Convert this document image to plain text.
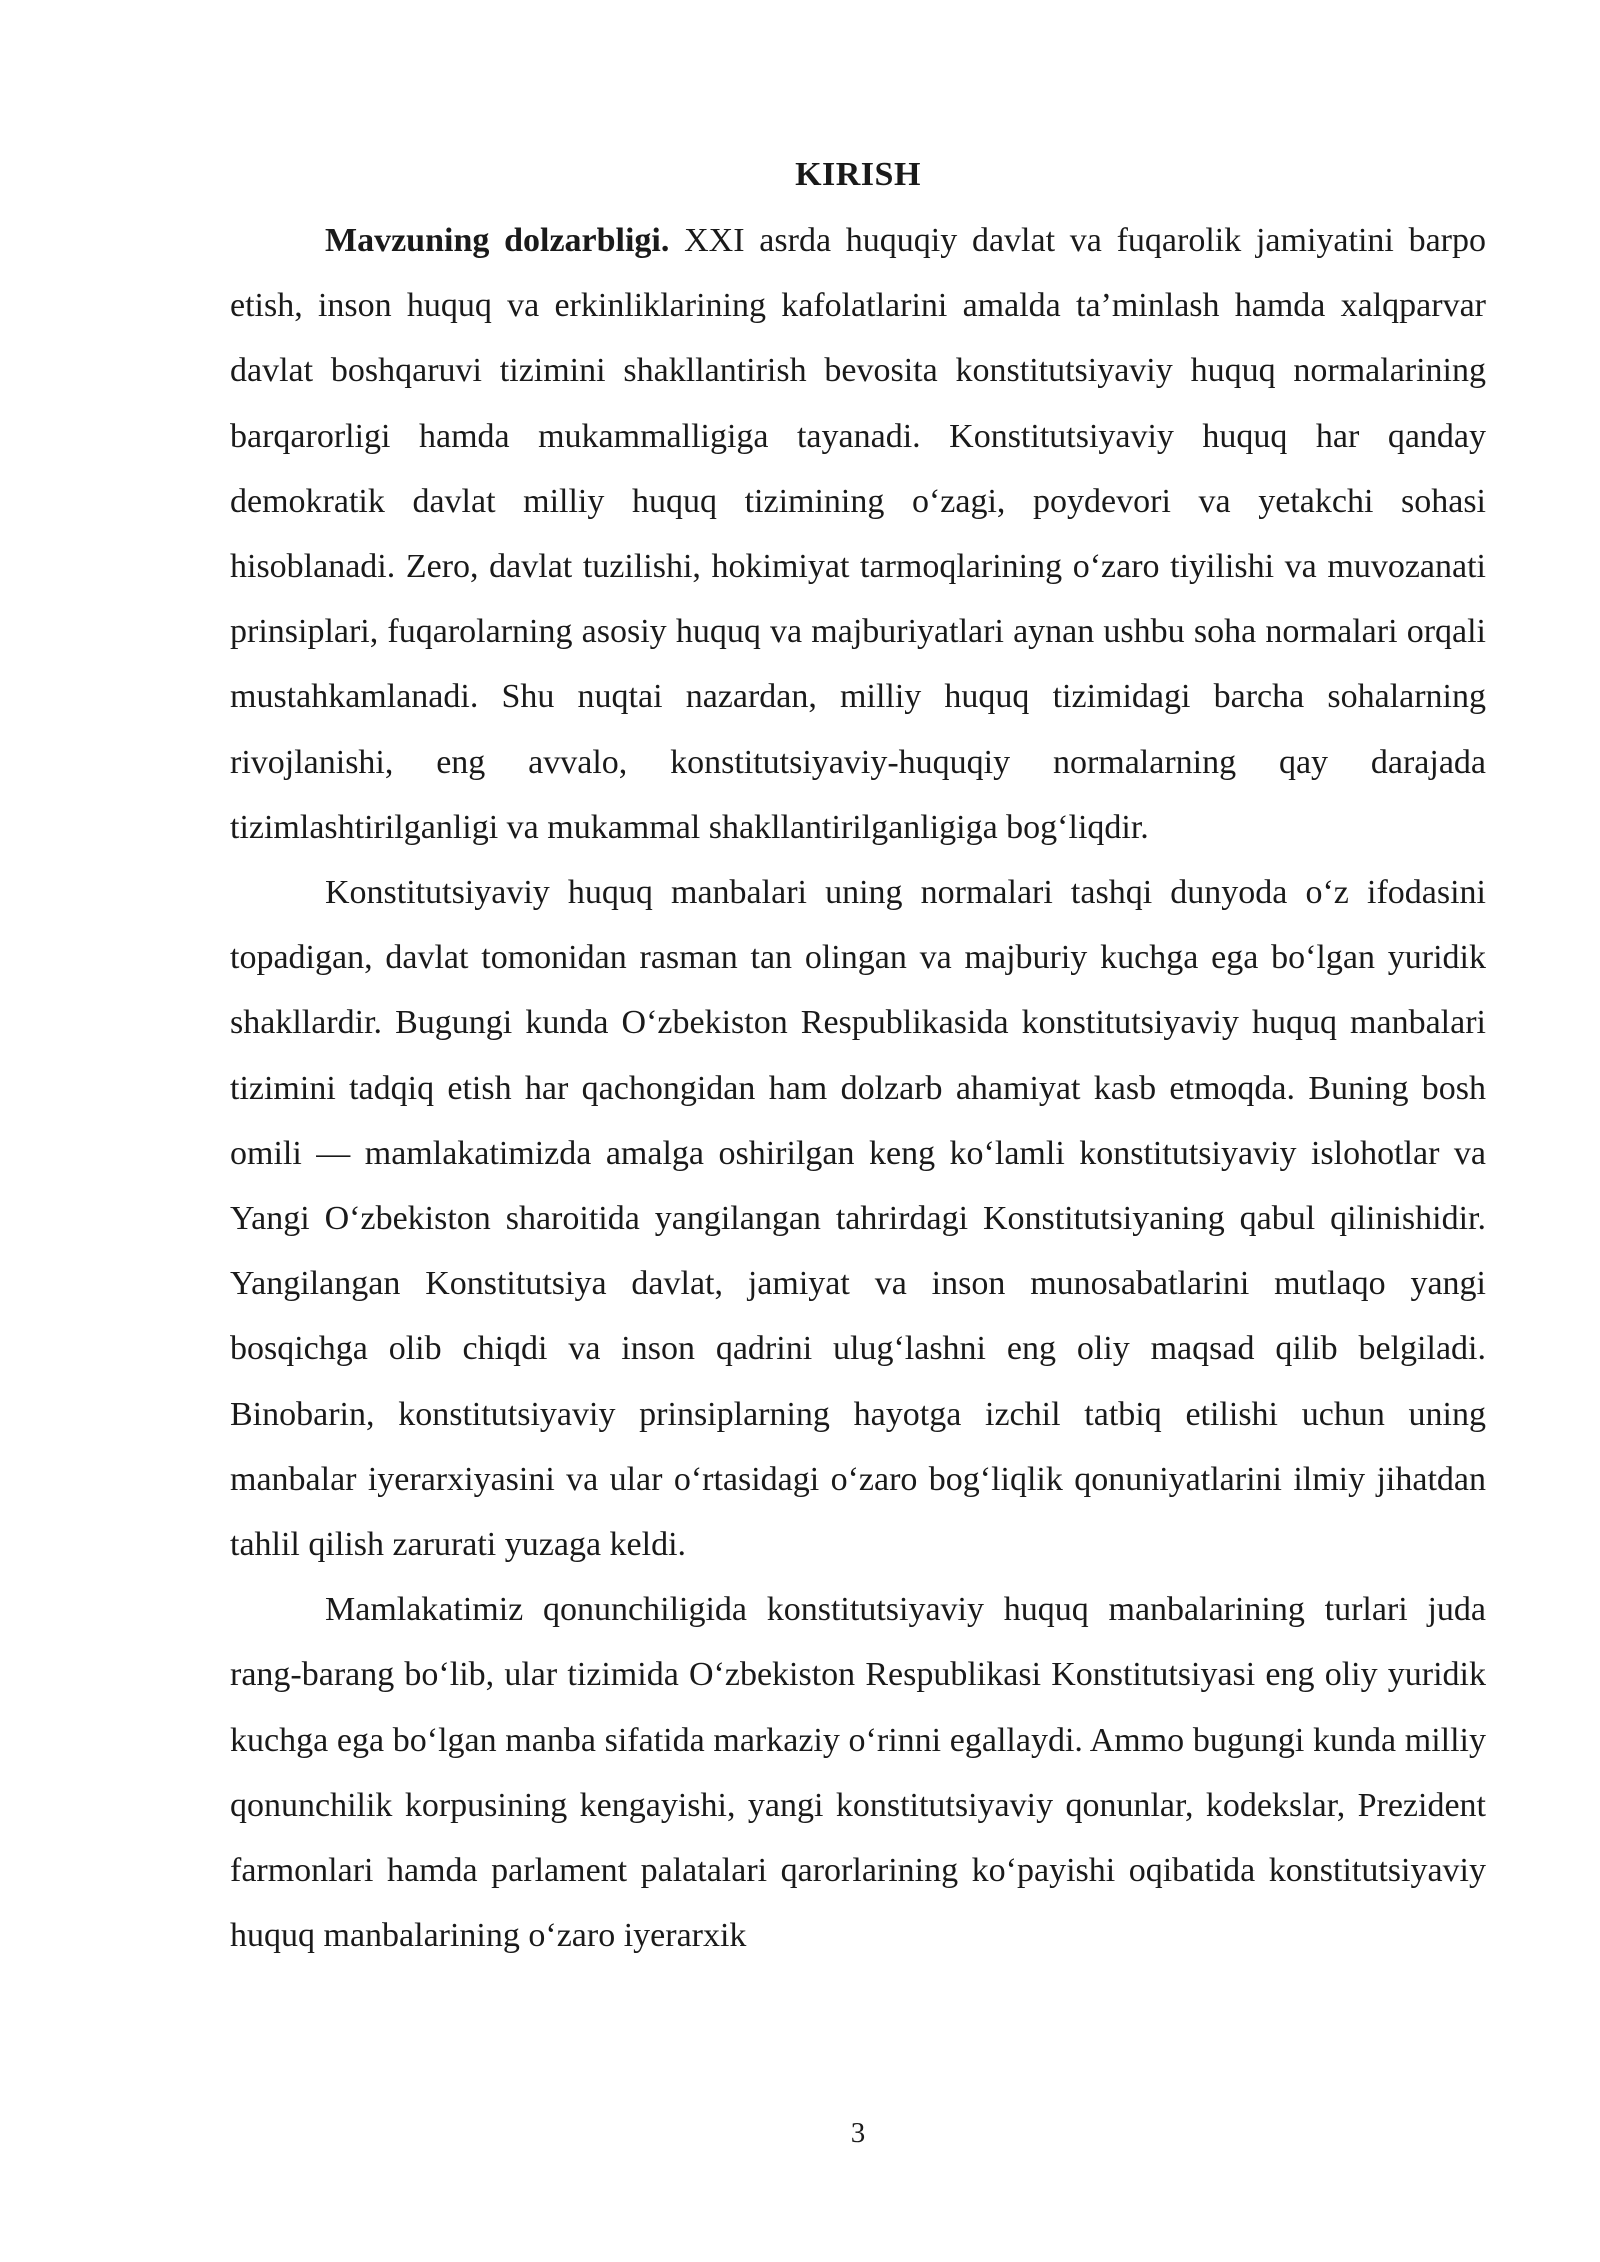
KIRISH

Mavzuning dolzarbligi. XXI asrda huquqiy davlat va fuqarolik jamiyatini barpo etish, inson huquq va erkinliklarining kafolatlarini amalda ta’minlash hamda xalqparvar davlat boshqaruvi tizimini shakllantirish bevosita konstitutsiyaviy huquq normalarining barqarorligi hamda mukammalligiga tayanadi. Konstitutsiyaviy huquq har qanday demokratik davlat milliy huquq tizimining o‘zagi, poydevori va yetakchi sohasi hisoblanadi. Zero, davlat tuzilishi, hokimiyat tarmoqlarining o‘zaro tiyilishi va muvozanati prinsiplari, fuqarolarning asosiy huquq va majburiyatlari aynan ushbu soha normalari orqali mustahkamlanadi. Shu nuqtai nazardan, milliy huquq tizimidagi barcha sohalarning rivojlanishi, eng avvalo, konstitutsiyaviy-huquqiy normalarning qay darajada tizimlashtirilganligi va mukammal shakllantirilganligiga bog‘liqdir.

Konstitutsiyaviy huquq manbalari uning normalari tashqi dunyoda o‘z ifodasini topadigan, davlat tomonidan rasman tan olingan va majburiy kuchga ega bo‘lgan yuridik shakllardir. Bugungi kunda O‘zbekiston Respublikasida konstitutsiyaviy huquq manbalari tizimini tadqiq etish har qachongidan ham dolzarb ahamiyat kasb etmoqda. Buning bosh omili — mamlakatimizda amalga oshirilgan keng ko‘lamli konstitutsiyaviy islohotlar va Yangi O‘zbekiston sharoitida yangilangan tahrirdagi Konstitutsiyaning qabul qilinishidir. Yangilangan Konstitutsiya davlat, jamiyat va inson munosabatlarini mutlaqo yangi bosqichga olib chiqdi va inson qadrini ulug‘lashni eng oliy maqsad qilib belgiladi. Binobarin, konstitutsiyaviy prinsiplarning hayotga izchil tatbiq etilishi uchun uning manbalar iyerarxiyasini va ular o‘rtasidagi o‘zaro bog‘liqlik qonuniyatlarini ilmiy jihatdan tahlil qilish zarurati yuzaga keldi.

Mamlakatimiz qonunchiligida konstitutsiyaviy huquq manbalarining turlari juda rang-barang bo‘lib, ular tizimida O‘zbekiston Respublikasi Konstitutsiyasi eng oliy yuridik kuchga ega bo‘lgan manba sifatida markaziy o‘rinni egallaydi. Ammo bugungi kunda milliy qonunchilik korpusining kengayishi, yangi konstitutsiyaviy qonunlar, kodekslar, Prezident farmonlari hamda parlament palatalari qarorlarining ko‘payishi oqibatida konstitutsiyaviy huquq manbalarining o‘zaro iyerarxik

3
